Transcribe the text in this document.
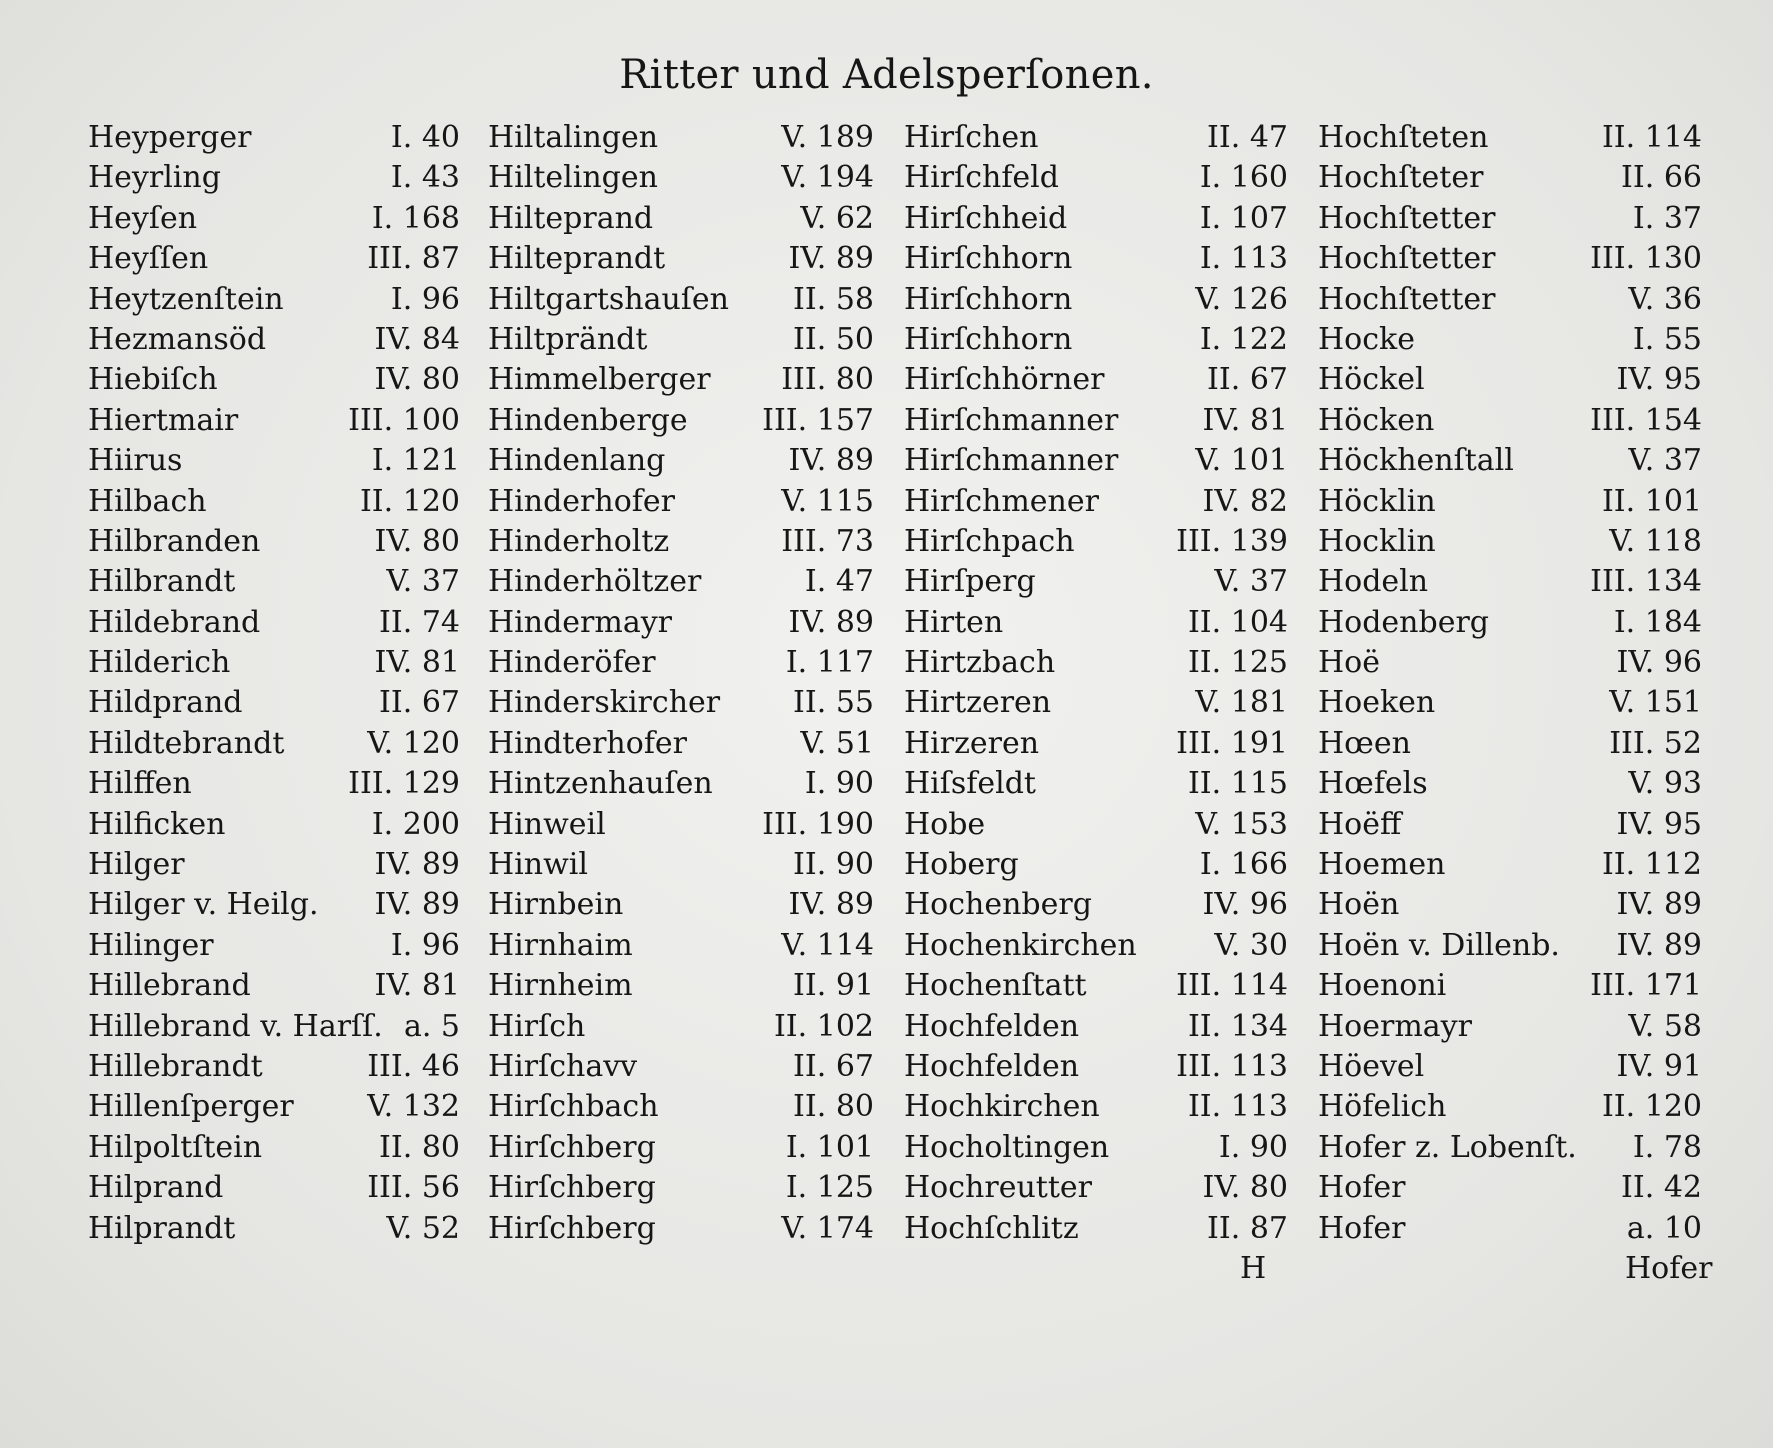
Ritter und Adelsperſonen.
Heyperger	I. 40
Heyrling	I. 43
Heyſen	I. 168
Heyſſen	III. 87
Heytzenſtein	I. 96
Hezmansöd	IV. 84
Hiebiſch	IV. 80
Hiertmair	III. 100
Hiirus	I. 121
Hilbach	II. 120
Hilbranden	IV. 80
Hilbrandt	V. 37
Hildebrand	II. 74
Hilderich	IV. 81
Hildprand	II. 67
Hildtebrandt	V. 120
Hilffen	III. 129
Hilficken	I. 200
Hilger	IV. 89
Hilger v. Heilg. IV. 89
Hilinger	I. 96
Hillebrand	IV. 81
Hillebrand v. Harſſ. a. 5
Hillebrandt	III. 46
Hillenſperger V. 132
Hilpoltſtein	II. 80
Hilprand	III. 56
Hilprandt	V. 52
Hiltalingen	V. 189
Hiltelingen	V. 194
Hilteprand	V. 62
Hilteprandt	IV. 89
Hiltgartshauſen II. 58
Hiltprändt	II. 50
Himmelberger III. 80
Hindenberge III. 157
Hindenlang	IV. 89
Hinderhofer	V. 115
Hinderholtz	III. 73
Hinderhöltzer	I. 47
Hindermayr	IV. 89
Hinderöfer	I. 117
Hinderskircher II. 55
Hindterhofer	V. 51
Hintzenhauſen	I. 90
Hinweil	III. 190
Hinwil	II. 90
Hirnbein	IV. 89
Hirnhaim	V. 114
Hirnheim	II. 91
Hirſch	II. 102
Hirſchavv	II. 67
Hirſchbach	II. 80
Hirſchberg	I. 101
Hirſchberg	I. 125
Hirſchberg	V. 174
Hirſchen	II. 47
Hirſchfeld	I. 160
Hirſchheid	I. 107
Hirſchhorn	I. 113
Hirſchhorn	V. 126
Hirſchhorn	I. 122
Hirſchhörner	II. 67
Hirſchmanner	IV. 81
Hirſchmanner	V. 101
Hirſchmener	IV. 82
Hirſchpach	III. 139
Hirſperg	V. 37
Hirten	II. 104
Hirtzbach	II. 125
Hirtzeren	V. 181
Hirzeren	III. 191
Hiſsfeldt	II. 115
Hobe	V. 153
Hoberg	I. 166
Hochenberg	IV. 96
Hochenkirchen	V. 30
Hochenſtatt	III. 114
Hochfelden	II. 134
Hochfelden	III. 113
Hochkirchen	II. 113
Hocholtingen	I. 90
Hochreutter	IV. 80
Hochſchlitz	II. 87
Hochſteten	II. 114
Hochſteter	II. 66
Hochſtetter	I. 37
Hochſtetter	III. 130
Hochſtetter	V. 36
Hocke	I. 55
Höckel	IV. 95
Höcken	III. 154
Höckhenſtall	V. 37
Höcklin	II. 101
Hocklin	V. 118
Hodeln	III. 134
Hodenberg	I. 184
Hoë	IV. 96
Hoeken	V. 151
Hœen	III. 52
Hœfels	V. 93
Hoëff	IV. 95
Hoemen	II. 112
Hoën	IV. 89
Hoën v. Dillenb. IV. 89
Hoenoni	III. 171
Hoermayr	V. 58
Höevel	IV. 91
Höfelich	II. 120
Hofer z. Lobenſt. I. 78
Hofer	II. 42
Hofer	a. 10
H	Hofer
